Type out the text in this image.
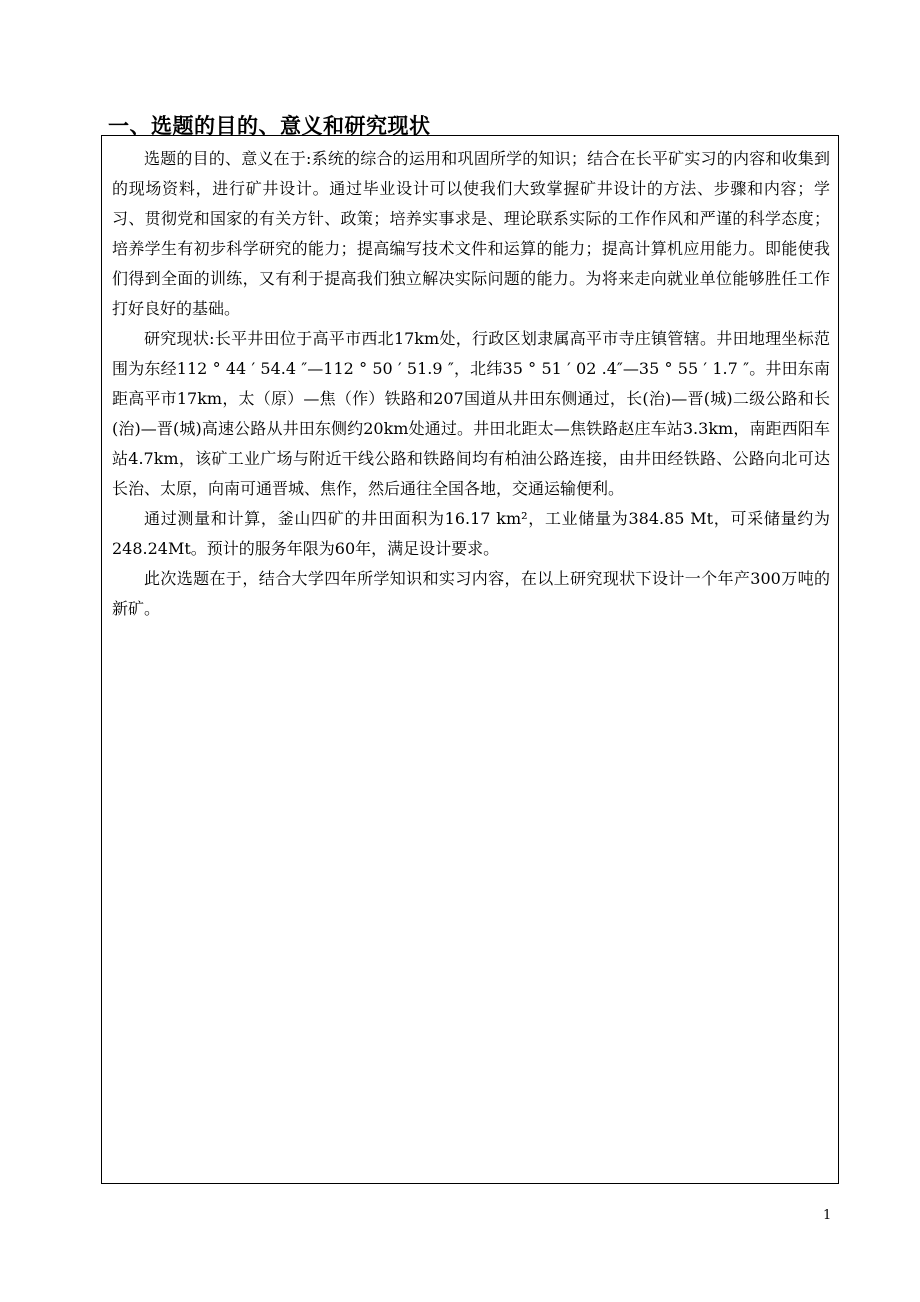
一、选题的目的、意义和研究现状

选题的目的、意义在于:系统的综合的运用和巩固所学的知识；结合在长平矿实习的内容和收集到的现场资料，进行矿井设计。通过毕业设计可以使我们大致掌握矿井设计的方法、步骤和内容；学习、贯彻党和国家的有关方针、政策；培养实事求是、理论联系实际的工作作风和严谨的科学态度；培养学生有初步科学研究的能力；提高编写技术文件和运算的能力；提高计算机应用能力。即能使我们得到全面的训练，又有利于提高我们独立解决实际问题的能力。为将来走向就业单位能够胜任工作打好良好的基础。

研究现状:长平井田位于高平市西北17km处，行政区划隶属高平市寺庄镇管辖。井田地理坐标范围为东经112 ° 44 ′ 54.4 ″—112 ° 50 ′ 51.9 ″，北纬35 ° 51 ′ 02 .4″—35 ° 55 ′ 1.7 ″。井田东南距高平市17km，太（原）—焦（作）铁路和207国道从井田东侧通过，长(治)—晋(城)二级公路和长(治)—晋(城)高速公路从井田东侧约20km处通过。井田北距太—焦铁路赵庄车站3.3km，南距西阳车站4.7km，该矿工业广场与附近干线公路和铁路间均有柏油公路连接，由井田经铁路、公路向北可达长治、太原，向南可通晋城、焦作，然后通往全国各地，交通运输便利。

通过测量和计算，釜山四矿的井田面积为16.17 km²，工业储量为384.85 Mt，可采储量约为248.24Mt。预计的服务年限为60年，满足设计要求。

此次选题在于，结合大学四年所学知识和实习内容，在以上研究现状下设计一个年产300万吨的新矿。

1
